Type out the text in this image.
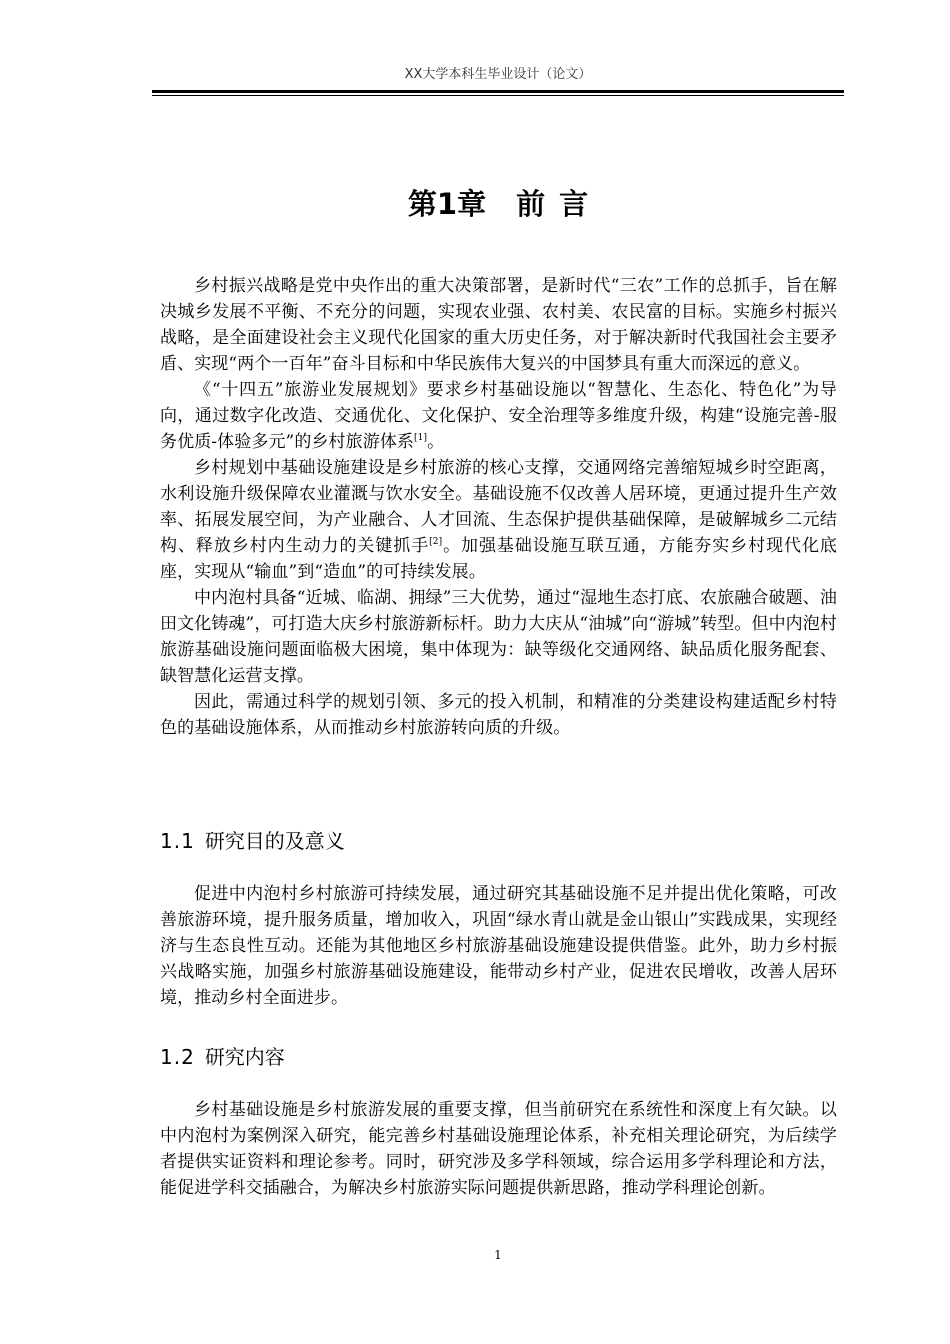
XX大学本科生毕业设计（论文）
第1章 前 言

乡村振兴战略是党中央作出的重大决策部署，是新时代“三农”工作的总抓手，旨在解决城乡发展不平衡、不充分的问题，实现农业强、农村美、农民富的目标。实施乡村振兴战略，是全面建设社会主义现代化国家的重大历史任务，对于解决新时代我国社会主要矛盾、实现“两个一百年”奋斗目标和中华民族伟大复兴的中国梦具有重大而深远的意义。

《“十四五”旅游业发展规划》要求乡村基础设施以“智慧化、生态化、特色化”为导向，通过数字化改造、交通优化、文化保护、安全治理等多维度升级，构建“设施完善-服务优质-体验多元”的乡村旅游体系[1]。

乡村规划中基础设施建设是乡村旅游的核心支撑，交通网络完善缩短城乡时空距离，水利设施升级保障农业灌溉与饮水安全。基础设施不仅改善人居环境，更通过提升生产效率、拓展发展空间，为产业融合、人才回流、生态保护提供基础保障，是破解城乡二元结构、释放乡村内生动力的关键抓手[2]。加强基础设施互联互通，方能夯实乡村现代化底座，实现从“输血”到“造血”的可持续发展。

中内泡村具备“近城、临湖、拥绿”三大优势，通过“湿地生态打底、农旅融合破题、油田文化铸魂”，可打造大庆乡村旅游新标杆。助力大庆从“油城”向“游城”转型。但中内泡村旅游基础设施问题面临极大困境，集中体现为：缺等级化交通网络、缺品质化服务配套、缺智慧化运营支撑。

因此，需通过科学的规划引领、多元的投入机制，和精准的分类建设构建适配乡村特色的基础设施体系，从而推动乡村旅游转向质的升级。

1.1 研究目的及意义

促进中内泡村乡村旅游可持续发展，通过研究其基础设施不足并提出优化策略，可改善旅游环境，提升服务质量，增加收入，巩固“绿水青山就是金山银山”实践成果，实现经济与生态良性互动。还能为其他地区乡村旅游基础设施建设提供借鉴。此外，助力乡村振兴战略实施，加强乡村旅游基础设施建设，能带动乡村产业，促进农民增收，改善人居环境，推动乡村全面进步。

1.2 研究内容

乡村基础设施是乡村旅游发展的重要支撑，但当前研究在系统性和深度上有欠缺。以中内泡村为案例深入研究，能完善乡村基础设施理论体系，补充相关理论研究，为后续学者提供实证资料和理论参考。同时，研究涉及多学科领域，综合运用多学科理论和方法，能促进学科交插融合，为解决乡村旅游实际问题提供新思路，推动学科理论创新。

1
